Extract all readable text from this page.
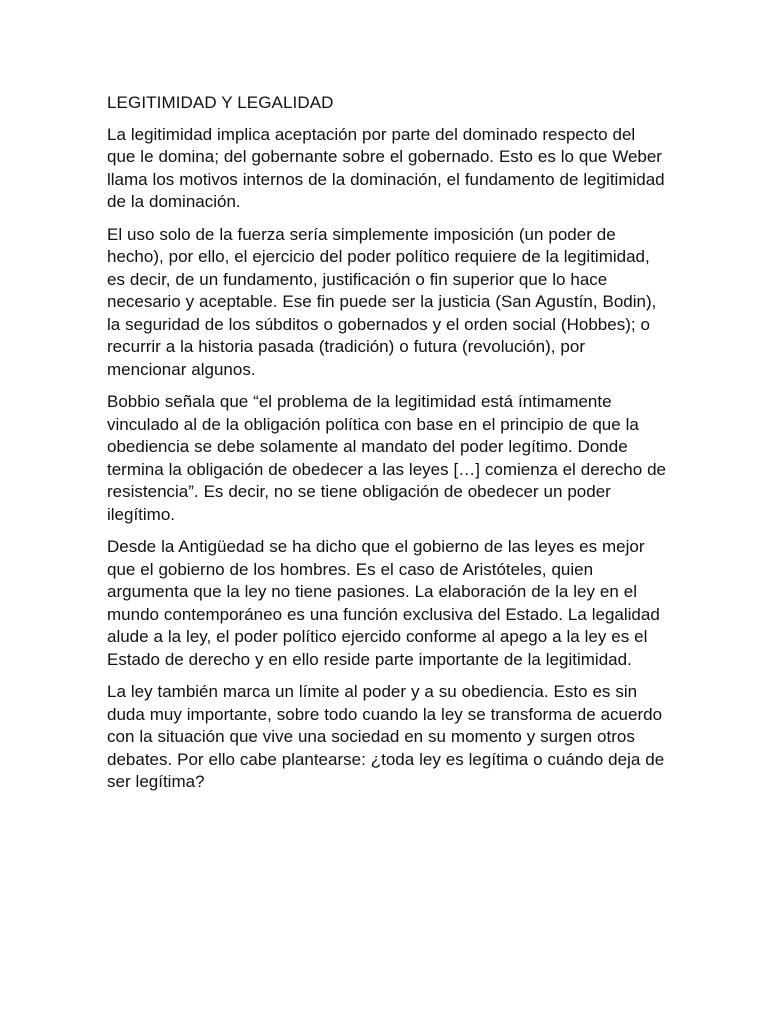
LEGITIMIDAD Y LEGALIDAD

La legitimidad implica aceptación por parte del dominado respecto del que le domina; del gobernante sobre el gobernado. Esto es lo que Weber llama los motivos internos de la dominación, el fundamento de legitimidad de la dominación.

El uso solo de la fuerza sería simplemente imposición (un poder de hecho), por ello, el ejercicio del poder político requiere de la legitimidad, es decir, de un fundamento, justificación o fin superior que lo hace necesario y aceptable. Ese fin puede ser la justicia (San Agustín, Bodin), la seguridad de los súbditos o gobernados y el orden social (Hobbes); o recurrir a la historia pasada (tradición) o futura (revolución), por mencionar algunos.

Bobbio señala que “el problema de la legitimidad está íntimamente vinculado al de la obligación política con base en el principio de que la obediencia se debe solamente al mandato del poder legítimo. Donde termina la obligación de obedecer a las leyes […] comienza el derecho de resistencia”. Es decir, no se tiene obligación de obedecer un poder ilegítimo.

Desde la Antigüedad se ha dicho que el gobierno de las leyes es mejor que el gobierno de los hombres. Es el caso de Aristóteles, quien argumenta que la ley no tiene pasiones. La elaboración de la ley en el mundo contemporáneo es una función exclusiva del Estado. La legalidad alude a la ley, el poder político ejercido conforme al apego a la ley es el Estado de derecho y en ello reside parte importante de la legitimidad.

La ley también marca un límite al poder y a su obediencia. Esto es sin duda muy importante, sobre todo cuando la ley se transforma de acuerdo con la situación que vive una sociedad en su momento y surgen otros debates. Por ello cabe plantearse: ¿toda ley es legítima o cuándo deja de ser legítima?
